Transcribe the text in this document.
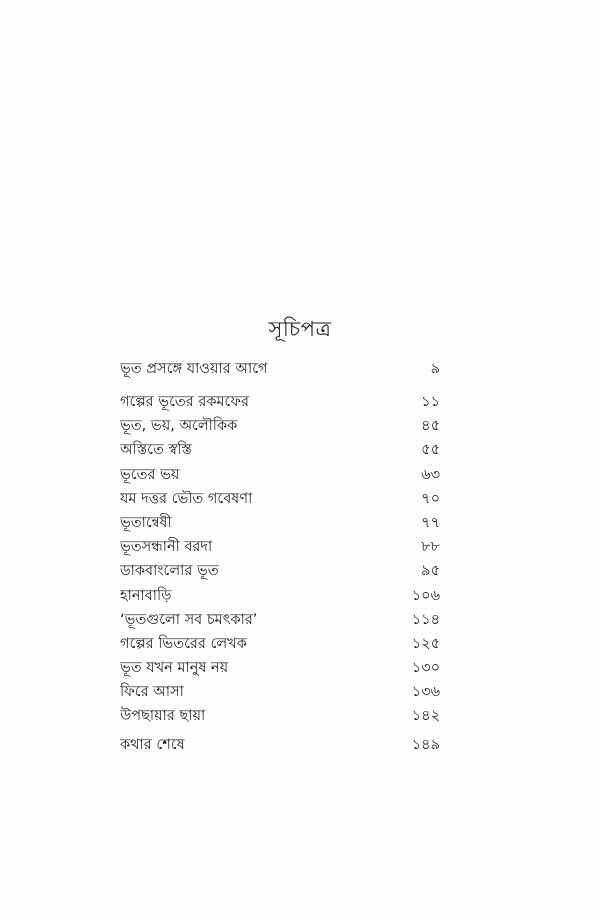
সূচিপত্র
ভূত প্রসঙ্গে যাওয়ার আগে	৯
গল্পের ভূতের রকমফের	১১
ভূত, ভয়, অলৌকিক	৪৫
অস্তিতে স্বস্তি	৫৫
ভূতের ভয়	৬৩
যম দত্তর ভৌত গবেষণা	৭০
ভূতান্বেষী	৭৭
ভূতসন্ধানী বরদা	৮৮
ডাকবাংলোর ভূত	৯৫
হানাবাড়ি	১০৬
‘ভূতগুলো সব চমৎকার’	১১৪
গল্পের ভিতরের লেখক	১২৫
ভূত যখন মানুষ নয়	১৩০
ফিরে আসা	১৩৬
উপছায়ার ছায়া	১৪২
কথার শেষে	১৪৯
